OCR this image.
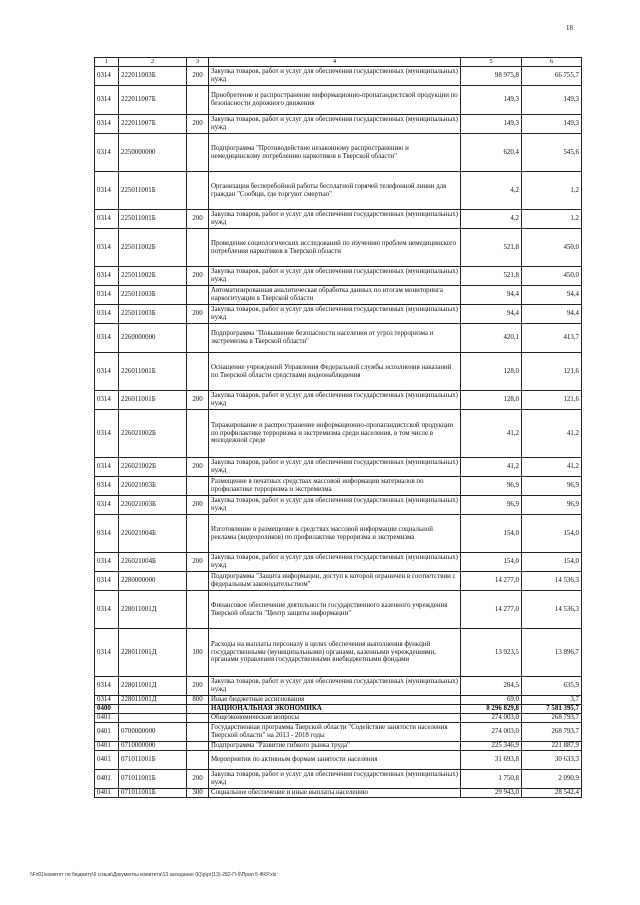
18
1	2	3	4	5	6
0314	222011003Б	200	Закупка товаров, работ и услуг для обеспечения государственных (муниципальных) нужд	98 975,8	66 755,7
0314	222011007Б		Приобретение и распространение информационно-пропагандистской продукции по безопасности дорожного движения	149,3	149,3
0314	222011007Б	200	Закупка товаров, работ и услуг для обеспечения государственных (муниципальных) нужд	149,3	149,3
0314	2250000000		Подпрограмма "Противодействие незаконному распространению и немедицинскому потреблению наркотиков в Тверской области"	620,4	545,6
0314	225011001Б		Организация бесперебойной работы бесплатной горячей телефонной линии для граждан "Сообщи, где торгуют смертью"	4,2	1,2
0314	225011001Б	200	Закупка товаров, работ и услуг для обеспечения государственных (муниципальных) нужд	4,2	1,2
0314	225011002Б		Проведение социологических исследований по изучению проблем немедицинского потребления наркотиков в Тверской области	521,8	450,0
0314	225011002Б	200	Закупка товаров, работ и услуг для обеспечения государственных (муниципальных) нужд	521,8	450,0
0314	225011003Б		Автоматизированная аналитическая обработка данных по итогам мониторинга наркоситуации в Тверской области	94,4	94,4
0314	225011003Б	200	Закупка товаров, работ и услуг для обеспечения государственных (муниципальных) нужд	94,4	94,4
0314	2260000000		Подпрограмма "Повышение безопасности населения от угроз терроризма и экстремизма в Тверской области"	420,1	413,7
0314	226011001Б		Оснащение учреждений Управления Федеральной службы исполнения наказаний по Тверской области средствами видеонаблюдения	128,0	121,6
0314	226011001Б	200	Закупка товаров, работ и услуг для обеспечения государственных (муниципальных) нужд	128,0	121,6
0314	226021002Б		Тиражирование и распространение информационно-пропагандистской продукции по профилактике терроризма и экстремизма среди населения, в том числе в молодежной среде	41,2	41,2
0314	226021002Б	200	Закупка товаров, работ и услуг для обеспечения государственных (муниципальных) нужд	41,2	41,2
0314	226021003Б		Размещение в печатных средствах массовой информации материалов по профилактике терроризма и экстремизма	96,9	96,9
0314	226021003Б	200	Закупка товаров, работ и услуг для обеспечения государственных (муниципальных) нужд	96,9	96,9
0314	226021004Б		Изготовление и размещение в средствах массовой информации социальной рекламы (видеороликов) по профилактике терроризма и экстремизма	154,0	154,0
0314	226021004Б	200	Закупка товаров, работ и услуг для обеспечения государственных (муниципальных) нужд	154,0	154,0
0314	2280000000		Подпрограмма "Защита информации, доступ к которой ограничен в соответствии с федеральным законодательством"	14 277,0	14 536,3
0314	228011001Д		Финансовое обеспечение деятельности государственного казенного учреждения Тверской области "Центр защиты информации"	14 277,0	14 536,3
0314	228011001Д	100	Расходы на выплаты персоналу в целях обеспечения выполнения функций государственными (муниципальными) органами, казенными учреждениями, органами управления государственными внебюджетными фондами	13 923,5	13 896,7
0314	228011001Д	200	Закупка товаров, работ и услуг для обеспечения государственных (муниципальных) нужд	284,5	635,9
0314	228011001Д	800	Иные бюджетные ассигнования	69,0	3,7
0400			НАЦИОНАЛЬНАЯ ЭКОНОМИКА	8 296 829,8	7 581 395,7
0401			Общеэкономические вопросы	274 003,0	268 793,7
0401	0700000000		Государственная программа Тверской области "Содействие занятости населения Тверской области" на 2013 - 2018 годы	274 003,0	268 793,7
0401	0710000000		Подпрограмма "Развитие гибкого рынка труда"	225 346,9	221 887,9
0401	071011001Б		Мероприятия по активным формам занятости населения	31 693,8	30 633,3
0401	071011001Б	200	Закупка товаров, работ и услуг для обеспечения государственных (муниципальных) нужд	1 750,8	2 090,9
0401	071011001Б	300	Социальное обеспечение и иные выплаты населению	29 943,0	28 542,4
\\Fs01\комитет по бюджету\6 созыв\Документы комитета\13 заседание (К)\р\рг(13)-282-П-б\Прил 5-ФКР.xls
